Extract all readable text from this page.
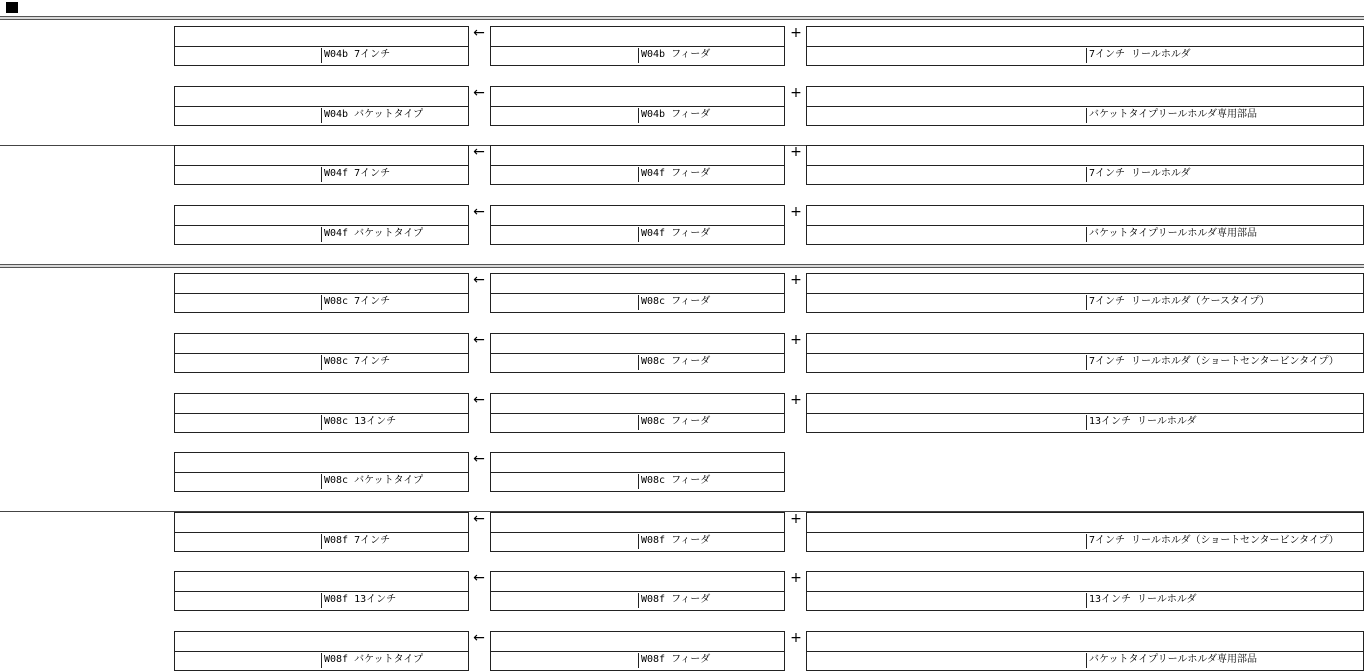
W04b 7インチ
←
W04b フィーダ
+
7インチ リールホルダ
W04b バケットタイプ
←
W04b フィーダ
+
バケットタイプリールホルダ専用部品
W04f 7インチ
←
W04f フィーダ
+
7インチ リールホルダ
W04f バケットタイプ
←
W04f フィーダ
+
バケットタイプリールホルダ専用部品
W08c 7インチ
←
W08c フィーダ
+
7インチ リールホルダ（ケースタイプ）
W08c 7インチ
←
W08c フィーダ
+
7インチ リールホルダ（ショートセンタービンタイプ）
W08c 13インチ
←
W08c フィーダ
+
13インチ リールホルダ
W08c バケットタイプ
←
W08c フィーダ
W08f 7インチ
←
W08f フィーダ
+
7インチ リールホルダ（ショートセンタービンタイプ）
W08f 13インチ
←
W08f フィーダ
+
13インチ リールホルダ
W08f バケットタイプ
←
W08f フィーダ
+
バケットタイプリールホルダ専用部品
